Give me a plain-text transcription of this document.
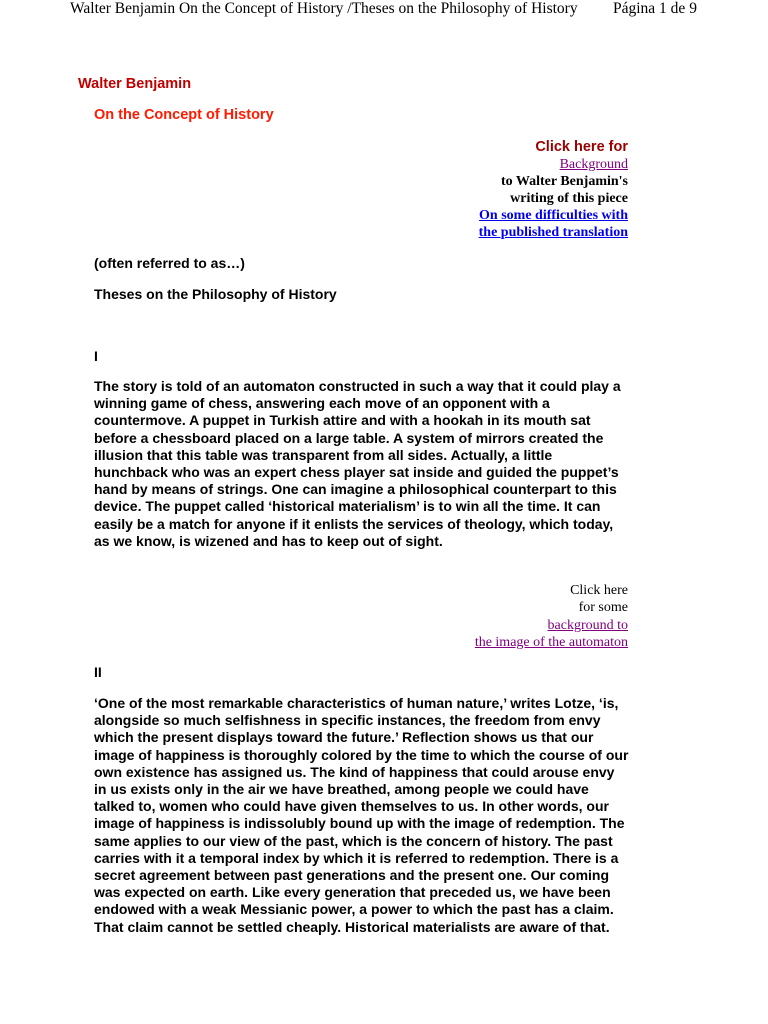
Walter Benjamin On the Concept of History /Theses on the Philosophy of History Página 1 de 9
Walter Benjamin
On the Concept of History
Click here for
Background
to Walter Benjamin's
writing of this piece
On some difficulties with
the published translation
(often referred to as…)
Theses on the Philosophy of History
I
The story is told of an automaton constructed in such a way that it could play a winning game of chess, answering each move of an opponent with a countermove. A puppet in Turkish attire and with a hookah in its mouth sat before a chessboard placed on a large table. A system of mirrors created the illusion that this table was transparent from all sides. Actually, a little hunchback who was an expert chess player sat inside and guided the puppet’s hand by means of strings. One can imagine a philosophical counterpart to this device. The puppet called ‘historical materialism’ is to win all the time. It can easily be a match for anyone if it enlists the services of theology, which today, as we know, is wizened and has to keep out of sight.
Click here
for some
background to
the image of the automaton
II
‘One of the most remarkable characteristics of human nature,’ writes Lotze, ‘is, alongside so much selfishness in specific instances, the freedom from envy which the present displays toward the future.’ Reflection shows us that our image of happiness is thoroughly colored by the time to which the course of our own existence has assigned us. The kind of happiness that could arouse envy in us exists only in the air we have breathed, among people we could have talked to, women who could have given themselves to us. In other words, our image of happiness is indissolubly bound up with the image of redemption. The same applies to our view of the past, which is the concern of history. The past carries with it a temporal index by which it is referred to redemption. There is a secret agreement between past generations and the present one. Our coming was expected on earth. Like every generation that preceded us, we have been endowed with a weak Messianic power, a power to which the past has a claim. That claim cannot be settled cheaply. Historical materialists are aware of that.
